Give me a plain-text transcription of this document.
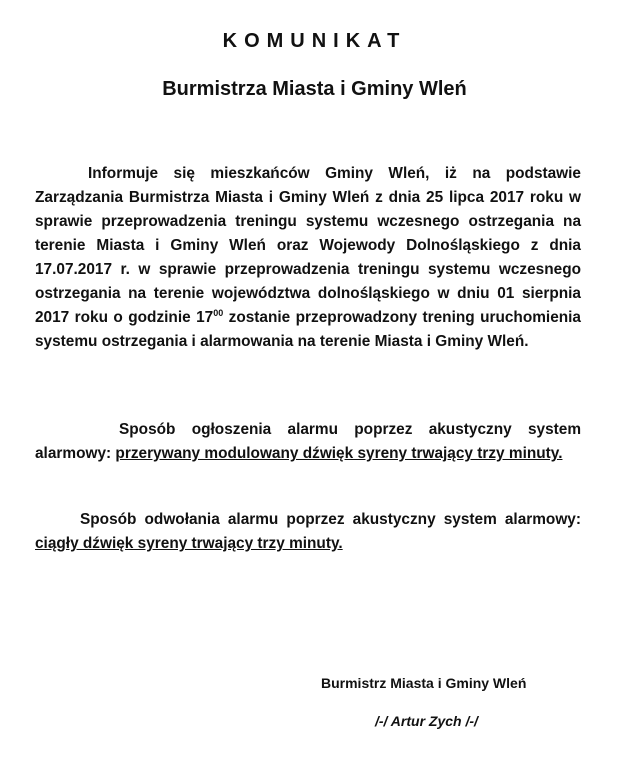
KOMUNIKAT
Burmistrza Miasta i Gminy Wleń
Informuje się mieszkańców Gminy Wleń, iż na podstawie Zarządzania Burmistrza Miasta i Gminy Wleń z dnia 25 lipca 2017 roku w sprawie przeprowadzenia treningu systemu wczesnego ostrzegania na terenie Miasta i Gminy Wleń oraz Wojewody Dolnośląskiego z dnia 17.07.2017 r. w sprawie przeprowadzenia treningu systemu wczesnego ostrzegania na terenie województwa dolnośląskiego w dniu 01 sierpnia 2017 roku o godzinie $17^{00}$ zostanie przeprowadzony trening uruchomienia systemu ostrzegania i alarmowania na terenie Miasta i Gminy Wleń.
Sposób ogłoszenia alarmu poprzez akustyczny system alarmowy: przerywany modulowany dźwięk syreny trwający trzy minuty.
Sposób odwołania alarmu poprzez akustyczny system alarmowy: ciągły dźwięk syreny trwający trzy minuty.
Burmistrz Miasta i Gminy Wleń
/-/ Artur Zych /-/
